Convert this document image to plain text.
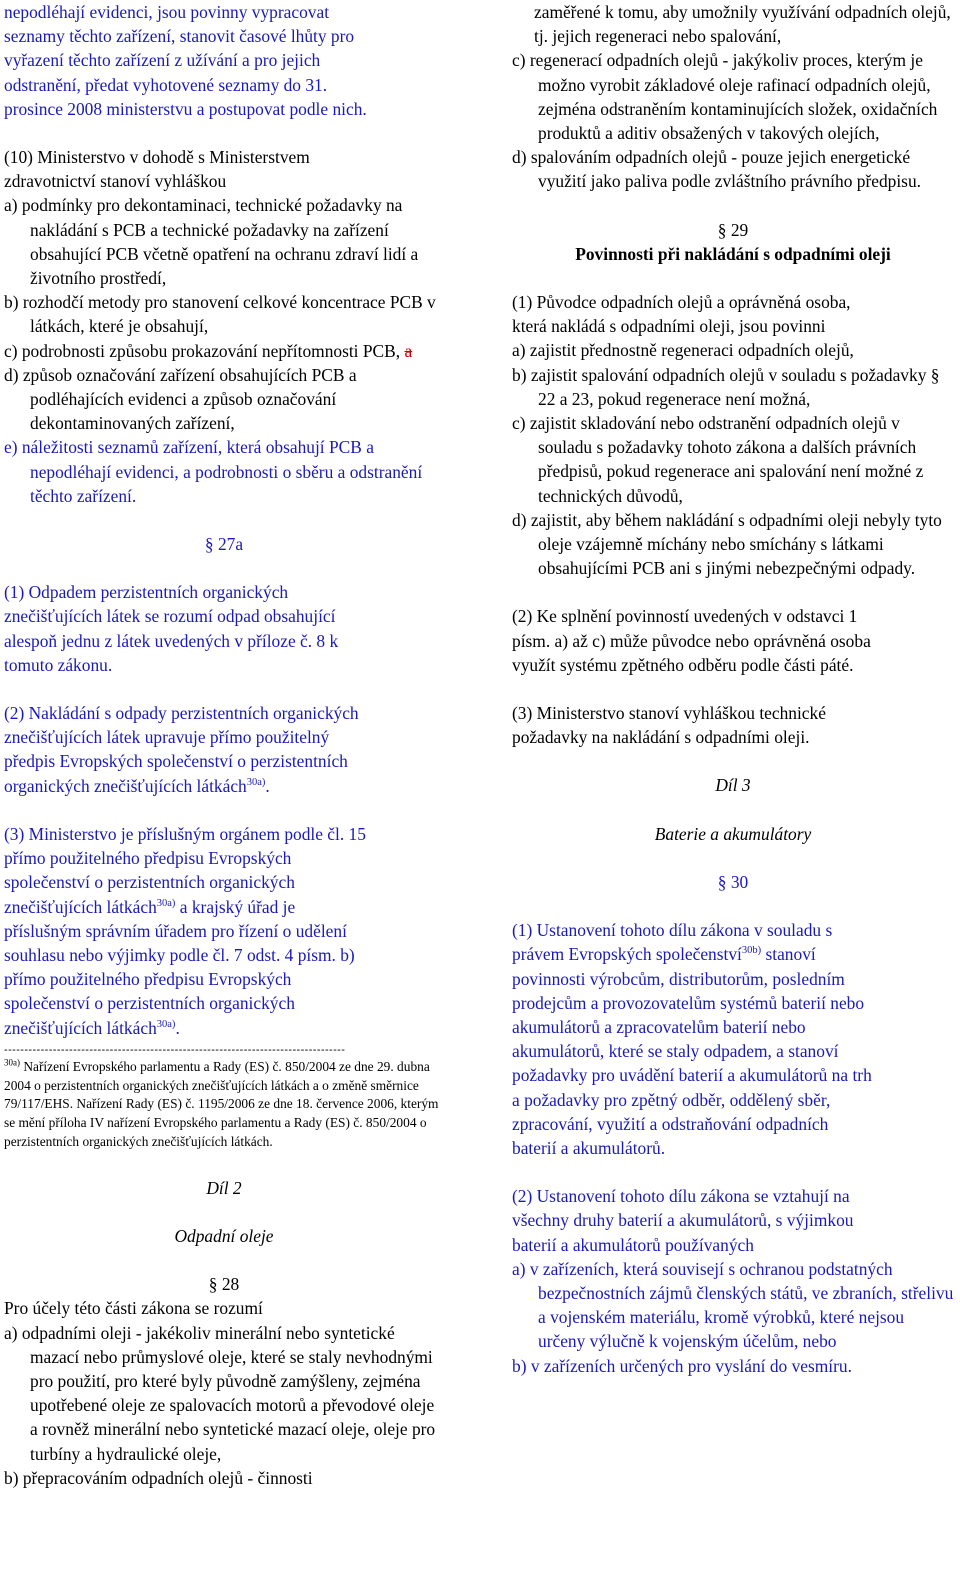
nepodléhají evidenci, jsou povinny vypracovat

seznamy těchto zařízení, stanovit časové lhůty pro

vyřazení těchto zařízení z užívání a pro jejich

odstranění, předat vyhotovené seznamy do 31.

prosince 2008 ministerstvu a postupovat podle nich.

(10) Ministerstvo v dohodě s Ministerstvem

zdravotnictví stanoví vyhláškou

a) podmínky pro dekontaminaci, technické požadavky na nakládání s PCB a technické požadavky na zařízení obsahující PCB včetně opatření na ochranu zdraví lidí a životního prostředí,

b) rozhodčí metody pro stanovení celkové koncentrace PCB v látkách, které je obsahují,

c) podrobnosti způsobu prokazování nepřítomnosti PCB, a

d) způsob označování zařízení obsahujících PCB a podléhajících evidenci a způsob označování dekontaminovaných zařízení,

e) náležitosti seznamů zařízení, která obsahují PCB a nepodléhají evidenci, a podrobnosti o sběru a odstranění těchto zařízení.

§ 27a

(1) Odpadem perzistentních organických

znečišťujících látek se rozumí odpad obsahující

alespoň jednu z látek uvedených v příloze č. 8 k

tomuto zákonu.

(2) Nakládání s odpady perzistentních organických

znečišťujících látek upravuje přímo použitelný

předpis Evropských společenství o perzistentních

organických znečišťujících látkách$^{30a)}$.

(3) Ministerstvo je příslušným orgánem podle čl. 15

přímo použitelného předpisu Evropských

společenství o perzistentních organických

znečišťujících látkách$^{30a)}$ a krajský úřad je

příslušným správním úřadem pro řízení o udělení

souhlasu nebo výjimky podle čl. 7 odst. 4 písm. b)

přímo použitelného předpisu Evropských

společenství o perzistentních organických

znečišťujících látkách$^{30a)}$.

------------------------------------------------------------------------------------

$^{30a)}$ Nařízení Evropského parlamentu a Rady (ES) č. 850/2004 ze dne 29. dubna 2004 o perzistentních organických znečišťujících látkách a o změně směrnice 79/117/EHS. Nařízení Rady (ES) č. 1195/2006 ze dne 18. července 2006, kterým se mění příloha IV nařízení Evropského parlamentu a Rady (ES) č. 850/2004 o perzistentních organických znečišťujících látkách.

Díl 2

Odpadní oleje

§ 28

Pro účely této části zákona se rozumí

a) odpadními oleji - jakékoliv minerální nebo syntetické mazací nebo průmyslové oleje, které se staly nevhodnými pro použití, pro které byly původně zamýšleny, zejména upotřebené oleje ze spalovacích motorů a převodové oleje a rovněž minerální nebo syntetické mazací oleje, oleje pro turbíny a hydraulické oleje,

b) přepracováním odpadních olejů - činnosti

zaměřené k tomu, aby umožnily využívání odpadních olejů, tj. jejich regeneraci nebo spalování,

c) regenerací odpadních olejů - jakýkoliv proces, kterým je možno vyrobit základové oleje rafinací odpadních olejů, zejména odstraněním kontaminujících složek, oxidačních produktů a aditiv obsažených v takových olejích,

d) spalováním odpadních olejů - pouze jejich energetické využití jako paliva podle zvláštního právního předpisu.

§ 29

Povinnosti při nakládání s odpadními oleji

(1) Původce odpadních olejů a oprávněná osoba,

která nakládá s odpadními oleji, jsou povinni

a) zajistit přednostně regeneraci odpadních olejů,

b) zajistit spalování odpadních olejů v souladu s požadavky § 22 a 23, pokud regenerace není možná,

c) zajistit skladování nebo odstranění odpadních olejů v souladu s požadavky tohoto zákona a dalších právních předpisů, pokud regenerace ani spalování není možné z technických důvodů,

d) zajistit, aby během nakládání s odpadními oleji nebyly tyto oleje vzájemně míchány nebo smíchány s látkami obsahujícími PCB ani s jinými nebezpečnými odpady.

(2) Ke splnění povinností uvedených v odstavci 1

písm. a) až c) může původce nebo oprávněná osoba

využít systému zpětného odběru podle části páté.

(3) Ministerstvo stanoví vyhláškou technické

požadavky na nakládání s odpadními oleji.

Díl 3

Baterie a akumulátory

§ 30

(1) Ustanovení tohoto dílu zákona v souladu s

právem Evropských společenství$^{30b)}$ stanoví

povinnosti výrobcům, distributorům, posledním

prodejcům a provozovatelům systémů baterií nebo

akumulátorů a zpracovatelům baterií nebo

akumulátorů, které se staly odpadem, a stanoví

požadavky pro uvádění baterií a akumulátorů na trh

a požadavky pro zpětný odběr, oddělený sběr,

zpracování, využití a odstraňování odpadních

baterií a akumulátorů.

(2) Ustanovení tohoto dílu zákona se vztahují na

všechny druhy baterií a akumulátorů, s výjimkou

baterií a akumulátorů používaných

a) v zařízeních, která souvisejí s ochranou podstatných bezpečnostních zájmů členských států, ve zbraních, střelivu a vojenském materiálu, kromě výrobků, které nejsou určeny výlučně k vojenským účelům, nebo

b) v zařízeních určených pro vyslání do vesmíru.
